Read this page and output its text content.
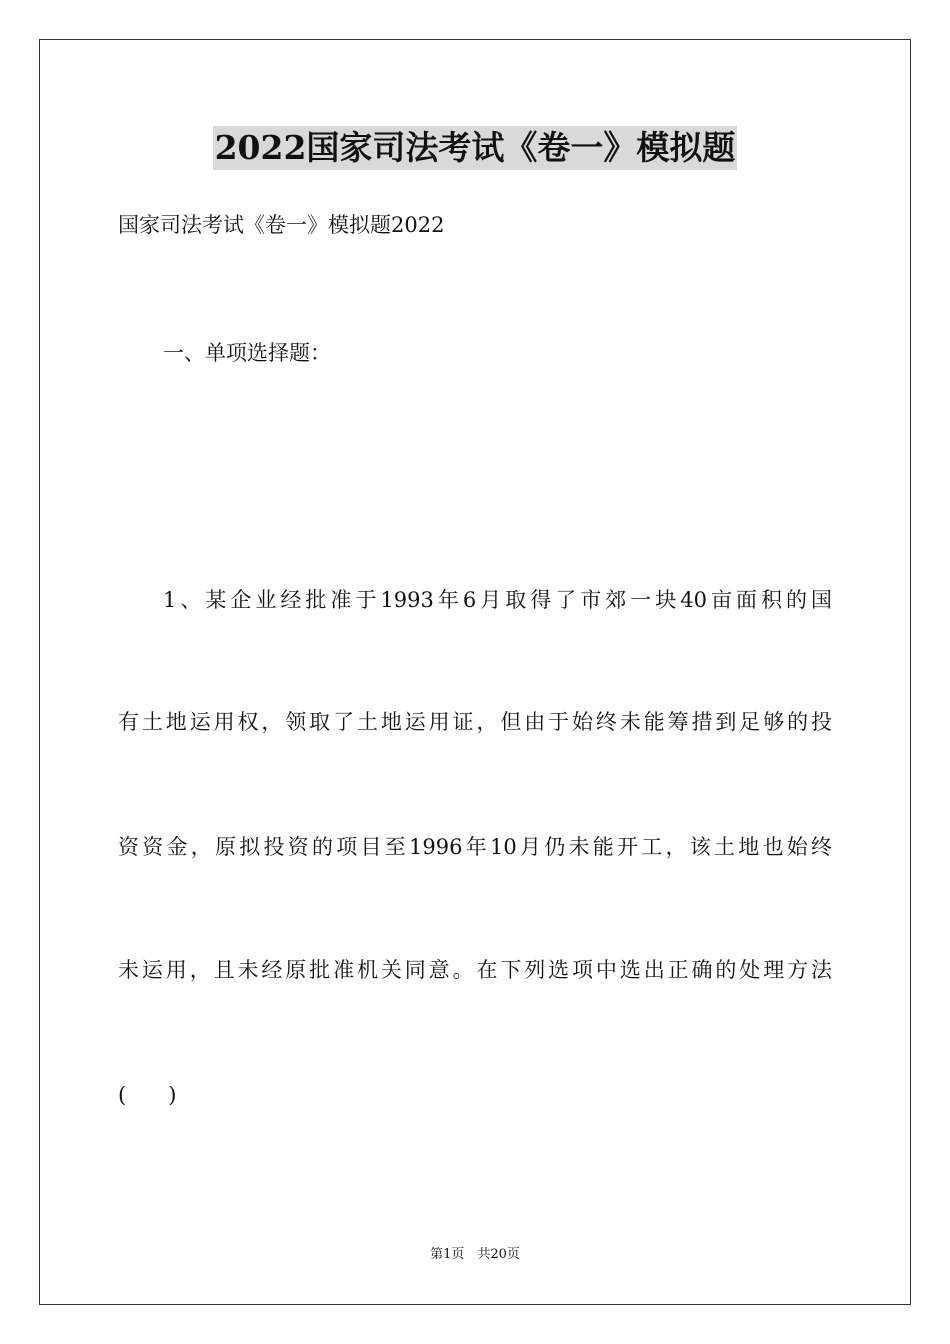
2022国家司法考试《卷一》模拟题
国家司法考试《卷一》模拟题2022
一、单项选择题：
1、某企业经批准于1993年6月取得了市郊一块40亩面积的国
有土地运用权，领取了土地运用证，但由于始终未能筹措到足够的投
资资金，原拟投资的项目至1996年10月仍未能开工，该土地也始终
未运用，且未经原批准机关同意。在下列选项中选出正确的处理方法
(　　)
第1页　共20页
